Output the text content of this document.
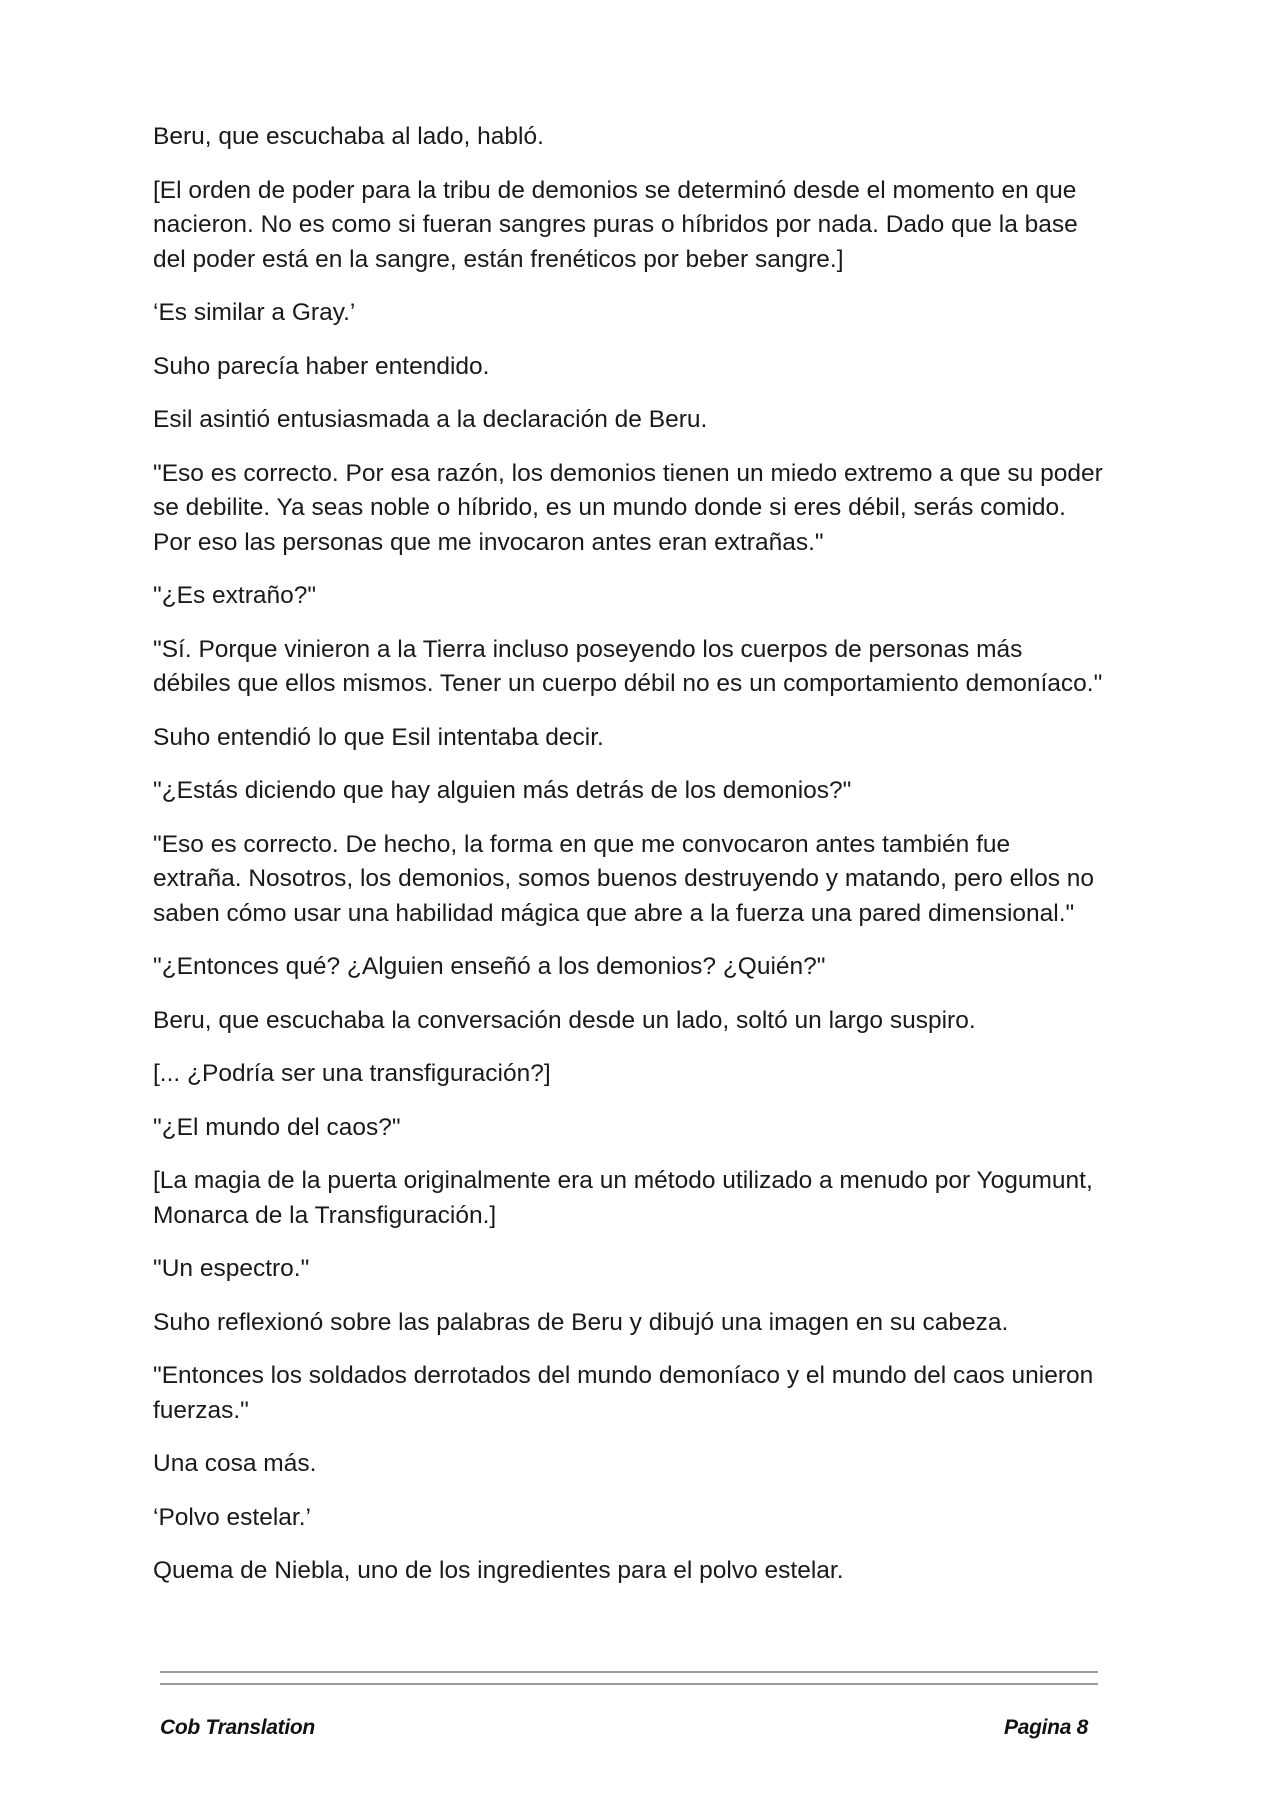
Beru, que escuchaba al lado, habló.

[El orden de poder para la tribu de demonios se determinó desde el momento en que nacieron. No es como si fueran sangres puras o híbridos por nada. Dado que la base del poder está en la sangre, están frenéticos por beber sangre.]

‘Es similar a Gray.’

Suho parecía haber entendido.

Esil asintió entusiasmada a la declaración de Beru.

"Eso es correcto. Por esa razón, los demonios tienen un miedo extremo a que su poder se debilite. Ya seas noble o híbrido, es un mundo donde si eres débil, serás comido. Por eso las personas que me invocaron antes eran extrañas."

"¿Es extraño?"

"Sí. Porque vinieron a la Tierra incluso poseyendo los cuerpos de personas más débiles que ellos mismos. Tener un cuerpo débil no es un comportamiento demoníaco."

Suho entendió lo que Esil intentaba decir.

"¿Estás diciendo que hay alguien más detrás de los demonios?"

"Eso es correcto. De hecho, la forma en que me convocaron antes también fue extraña. Nosotros, los demonios, somos buenos destruyendo y matando, pero ellos no saben cómo usar una habilidad mágica que abre a la fuerza una pared dimensional."

"¿Entonces qué? ¿Alguien enseñó a los demonios? ¿Quién?"

Beru, que escuchaba la conversación desde un lado, soltó un largo suspiro.

[... ¿Podría ser una transfiguración?]

"¿El mundo del caos?"

[La magia de la puerta originalmente era un método utilizado a menudo por Yogumunt, Monarca de la Transfiguración.]

"Un espectro."

Suho reflexionó sobre las palabras de Beru y dibujó una imagen en su cabeza.

"Entonces los soldados derrotados del mundo demoníaco y el mundo del caos unieron fuerzas."

Una cosa más.

‘Polvo estelar.’

Quema de Niebla, uno de los ingredientes para el polvo estelar.

Cob Translation	Pagina 8
